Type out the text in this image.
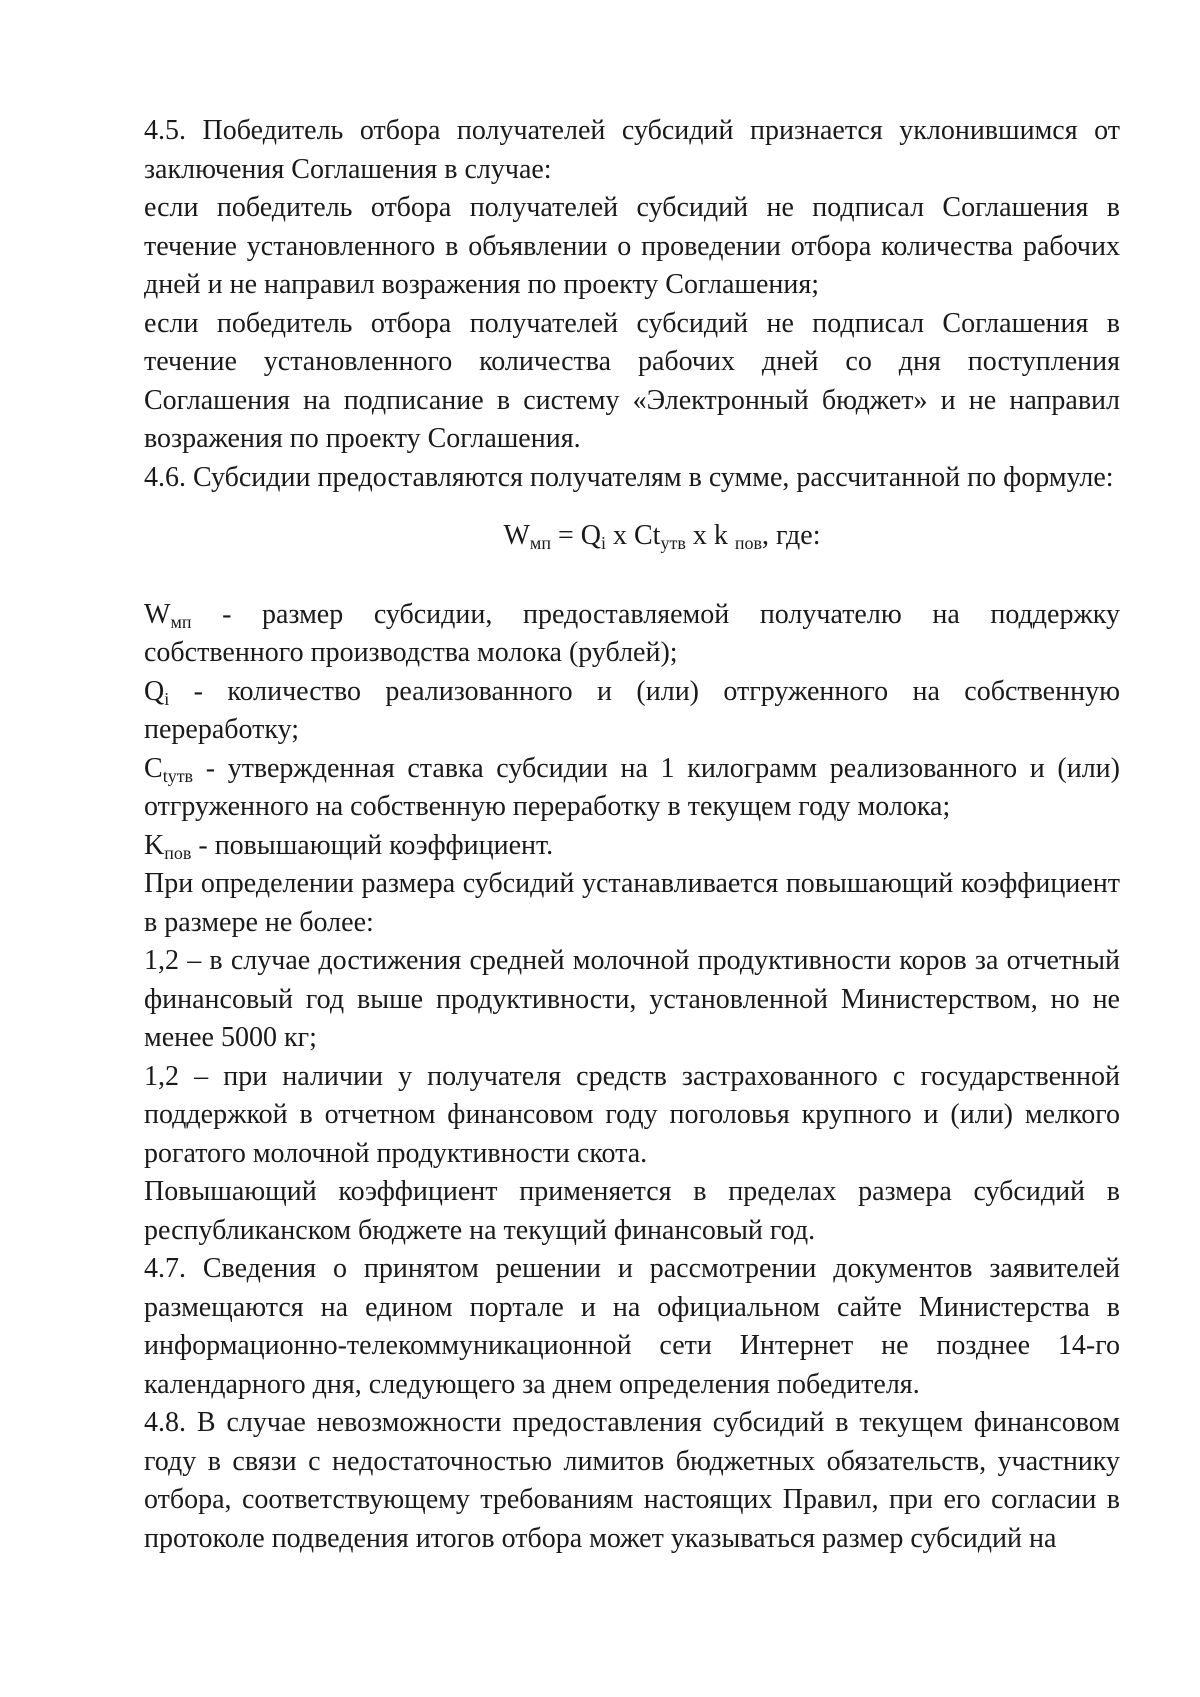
4.5. Победитель отбора получателей субсидий признается уклонившимся от заключения Соглашения в случае:

если победитель отбора получателей субсидий не подписал Соглашения в течение установленного в объявлении о проведении отбора количества рабочих дней и не направил возражения по проекту Соглашения;

если победитель отбора получателей субсидий не подписал Соглашения в течение установленного количества рабочих дней со дня поступления Соглашения на подписание в систему «Электронный бюджет» и не направил возражения по проекту Соглашения.

4.6. Субсидии предоставляются получателям в сумме, рассчитанной по формуле:

$W_{мп} = Q_i$ x $Ct_{утв}$ x k $_{пов}$, где:

$W_{мп}$ - размер субсидии, предоставляемой получателю на поддержку собственного производства молока (рублей);

$Q_i$ - количество реализованного и (или) отгруженного на собственную переработку;

$C_{tутв}$ - утвержденная ставка субсидии на 1 килограмм реализованного и (или) отгруженного на собственную переработку в текущем году молока;

$K_{пов}$ - повышающий коэффициент.

При определении размера субсидий устанавливается повышающий коэффициент в размере не более:

1,2 – в случае достижения средней молочной продуктивности коров за отчетный финансовый год выше продуктивности, установленной Министерством, но не менее 5000 кг;

1,2 – при наличии у получателя средств застрахованного с государственной поддержкой в отчетном финансовом году поголовья крупного и (или) мелкого рогатого молочной продуктивности скота.

Повышающий коэффициент применяется в пределах размера субсидий в республиканском бюджете на текущий финансовый год.

4.7. Сведения о принятом решении и рассмотрении документов заявителей размещаются на едином портале и на официальном сайте Министерства в информационно-телекоммуникационной сети Интернет не позднее 14-го календарного дня, следующего за днем определения победителя.

4.8. В случае невозможности предоставления субсидий в текущем финансовом году в связи с недостаточностью лимитов бюджетных обязательств, участнику отбора, соответствующему требованиям настоящих Правил, при его согласии в протоколе подведения итогов отбора может указываться размер субсидий на
